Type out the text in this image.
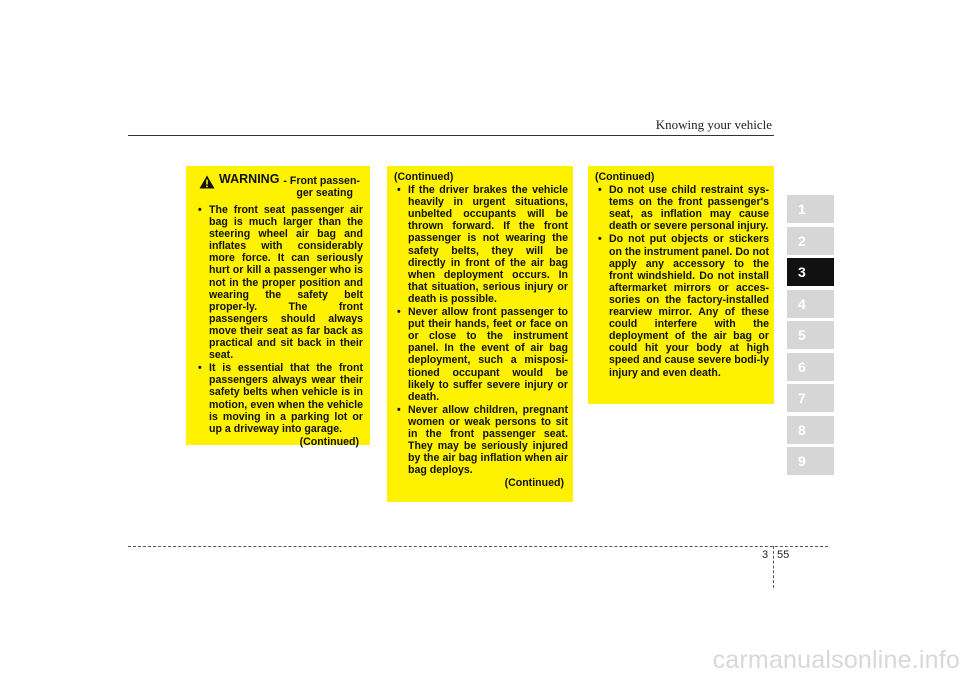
Knowing your vehicle
WARNING - Front passen-
ger seating
• The front seat passenger air bag is much larger than the steering wheel air bag and inflates with considerably more force. It can seriously hurt or kill a passenger who is not in the proper position and wearing the safety belt proper-ly. The front passengers should always move their seat as far back as practical and sit back in their seat.
• It is essential that the front passengers always wear their safety belts when vehicle is in motion, even when the vehicle is moving in a parking lot or up a driveway into garage.
(Continued)
(Continued)
• If the driver brakes the vehicle heavily in urgent situations, unbelted occupants will be thrown forward. If the front passenger is not wearing the safety belts, they will be directly in front of the air bag when deployment occurs. In that situation, serious injury or death is possible.
• Never allow front passenger to put their hands, feet or face on or close to the instrument panel. In the event of air bag deployment, such a misposi-tioned occupant would be likely to suffer severe injury or death.
• Never allow children, pregnant women or weak persons to sit in the front passenger seat. They may be seriously injured by the air bag inflation when air bag deploys.
(Continued)
(Continued)
• Do not use child restraint sys-tems on the front passenger's seat, as inflation may cause death or severe personal injury.
• Do not put objects or stickers on the instrument panel. Do not apply any accessory to the front windshield. Do not install aftermarket mirrors or acces-sories on the factory-installed rearview mirror. Any of these could interfere with the deployment of the air bag or could hit your body at high speed and cause severe bodi-ly injury and even death.
1
2
3
4
5
6
7
8
9
3 55
carmanualsonline.info
